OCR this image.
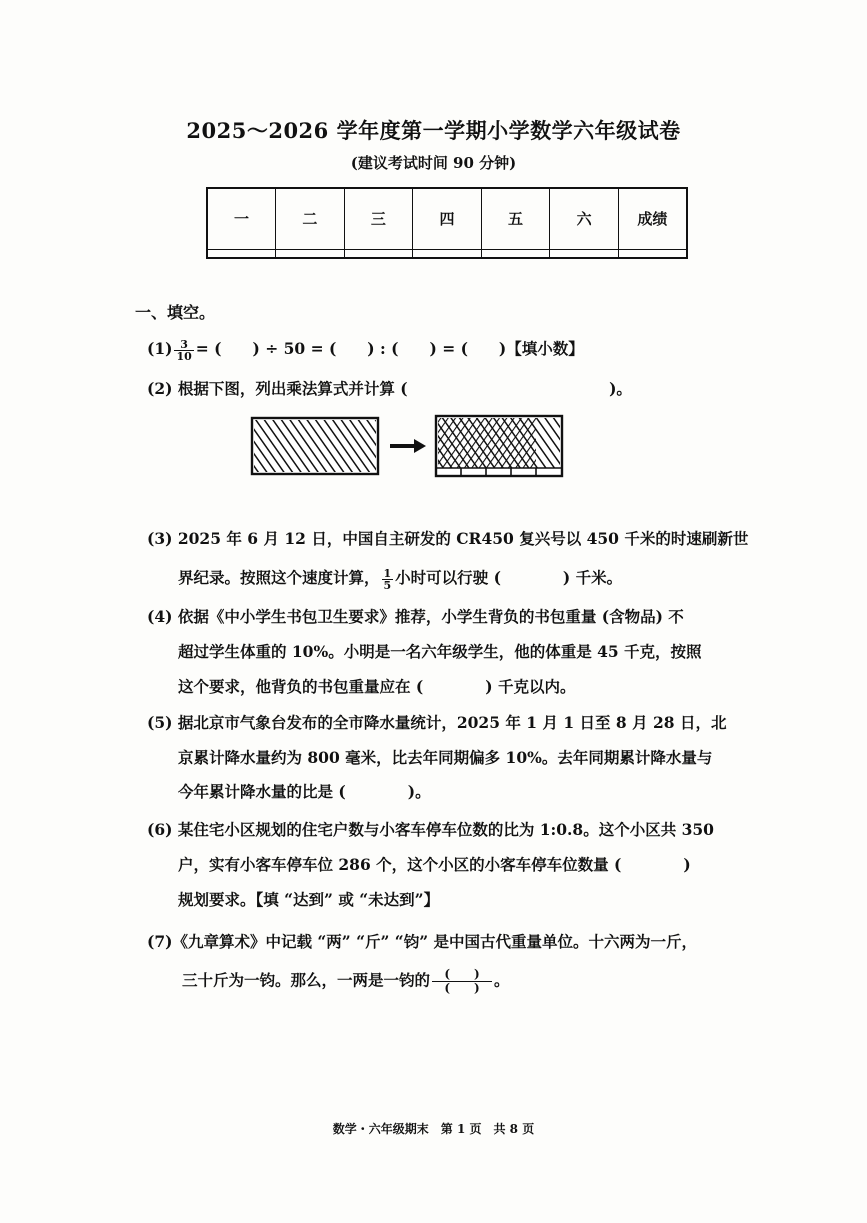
2025～2026 学年度第一学期小学数学六年级试卷
(建议考试时间 90 分钟)
一	二	三	四	五	六	成绩

一、填空。
$(1) \frac{3}{10}$ = (　　) ÷ 50 = (　　) : (　　) = (　　)【填小数】
(2) 根据下图，列出乘法算式并计算 (　　　　　　　　　　　　　)。
(3) 2025 年 6 月 12 日，中国自主研发的 CR450 复兴号以 450 千米的时速刷新世
界纪录。按照这个速度计算， $\frac{1}{5}$ 小时可以行驶 (　　　　) 千米。
(4) 依据《中小学生书包卫生要求》推荐，小学生背负的书包重量 (含物品) 不
超过学生体重的 10%。小明是一名六年级学生，他的体重是 45 千克，按照
这个要求，他背负的书包重量应在 (　　　　) 千克以内。
(5) 据北京市气象台发布的全市降水量统计，2025 年 1 月 1 日至 8 月 28 日，北
京累计降水量约为 800 毫米，比去年同期偏多 10%。去年同期累计降水量与
今年累计降水量的比是 (　　　　)。
(6) 某住宅小区规划的住宅户数与小客车停车位数的比为 1:0.8。这个小区共 350
户，实有小客车停车位 286 个，这个小区的小客车停车位数量 (　　　　)
规划要求。【填 “达到” 或 “未达到”】
(7)《九章算术》中记载 “两” “斤” “钧” 是中国古代重量单位。十六两为一斤，
三十斤为一钧。那么，一两是一钧的 $\frac{( )}{( )}$ 。
数学・六年级期末　第 1 页　共 8 页
